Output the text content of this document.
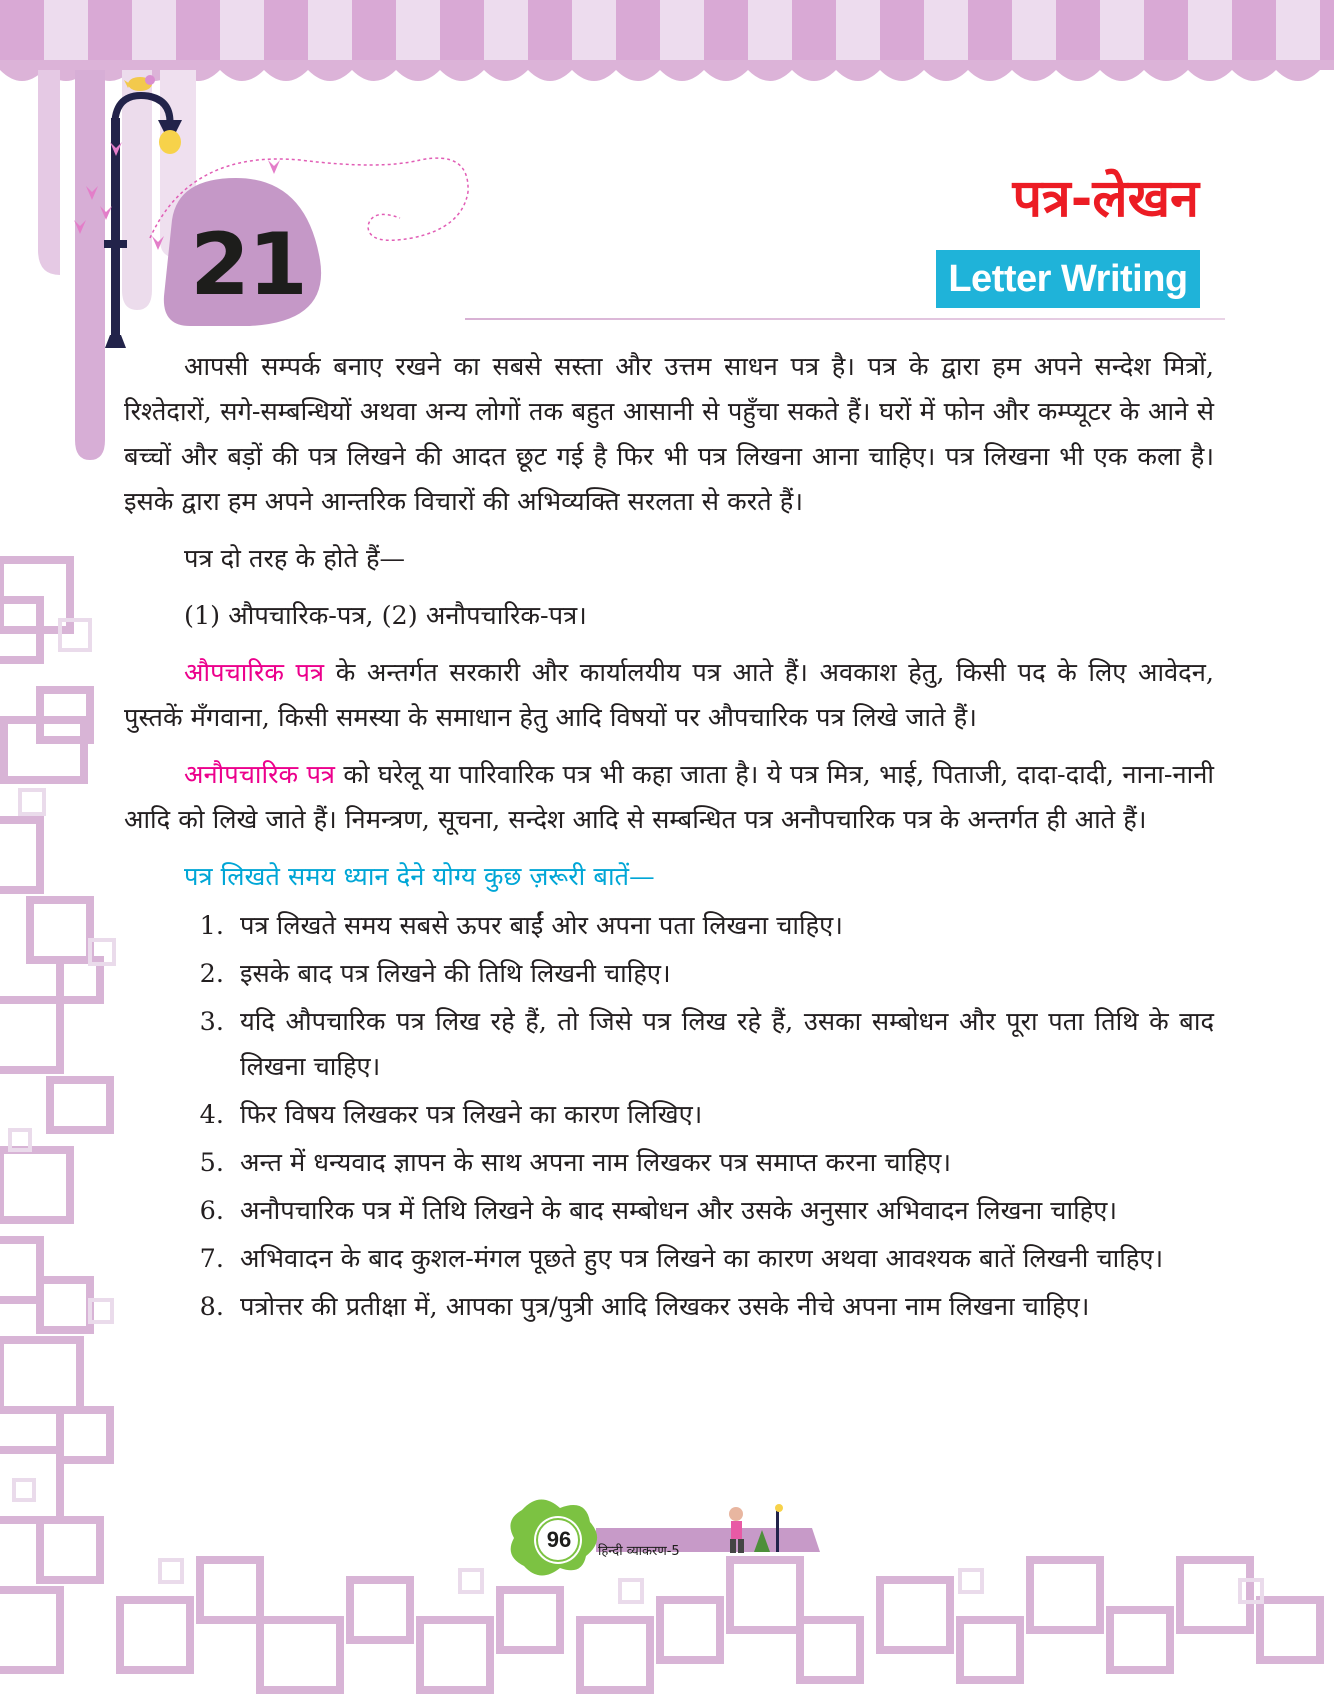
21
पत्र-लेखन
Letter Writing

आपसी सम्पर्क बनाए रखने का सबसे सस्ता और उत्तम साधन पत्र है। पत्र के द्वारा हम अपने सन्देश मित्रों, रिश्तेदारों, सगे-सम्बन्धियों अथवा अन्य लोगों तक बहुत आसानी से पहुँचा सकते हैं। घरों में फोन और कम्प्यूटर के आने से बच्चों और बड़ों की पत्र लिखने की आदत छूट गई है फिर भी पत्र लिखना आना चाहिए। पत्र लिखना भी एक कला है। इसके द्वारा हम अपने आन्तरिक विचारों की अभिव्यक्ति सरलता से करते हैं।

पत्र दो तरह के होते हैं—

(1) औपचारिक-पत्र, (2) अनौपचारिक-पत्र।

औपचारिक पत्र के अन्तर्गत सरकारी और कार्यालयीय पत्र आते हैं। अवकाश हेतु, किसी पद के लिए आवेदन, पुस्तकें मँगवाना, किसी समस्या के समाधान हेतु आदि विषयों पर औपचारिक पत्र लिखे जाते हैं।

अनौपचारिक पत्र को घरेलू या पारिवारिक पत्र भी कहा जाता है। ये पत्र मित्र, भाई, पिताजी, दादा-दादी, नाना-नानी आदि को लिखे जाते हैं। निमन्त्रण, सूचना, सन्देश आदि से सम्बन्धित पत्र अनौपचारिक पत्र के अन्तर्गत ही आते हैं।

पत्र लिखते समय ध्यान देने योग्य कुछ ज़रूरी बातें—

1. पत्र लिखते समय सबसे ऊपर बाईं ओर अपना पता लिखना चाहिए।
2. इसके बाद पत्र लिखने की तिथि लिखनी चाहिए।
3. यदि औपचारिक पत्र लिख रहे हैं, तो जिसे पत्र लिख रहे हैं, उसका सम्बोधन और पूरा पता तिथि के बाद लिखना चाहिए।
4. फिर विषय लिखकर पत्र लिखने का कारण लिखिए।
5. अन्त में धन्यवाद ज्ञापन के साथ अपना नाम लिखकर पत्र समाप्त करना चाहिए।
6. अनौपचारिक पत्र में तिथि लिखने के बाद सम्बोधन और उसके अनुसार अभिवादन लिखना चाहिए।
7. अभिवादन के बाद कुशल-मंगल पूछते हुए पत्र लिखने का कारण अथवा आवश्यक बातें लिखनी चाहिए।
8. पत्रोत्तर की प्रतीक्षा में, आपका पुत्र/पुत्री आदि लिखकर उसके नीचे अपना नाम लिखना चाहिए।
96	हिन्दी व्याकरण-5
